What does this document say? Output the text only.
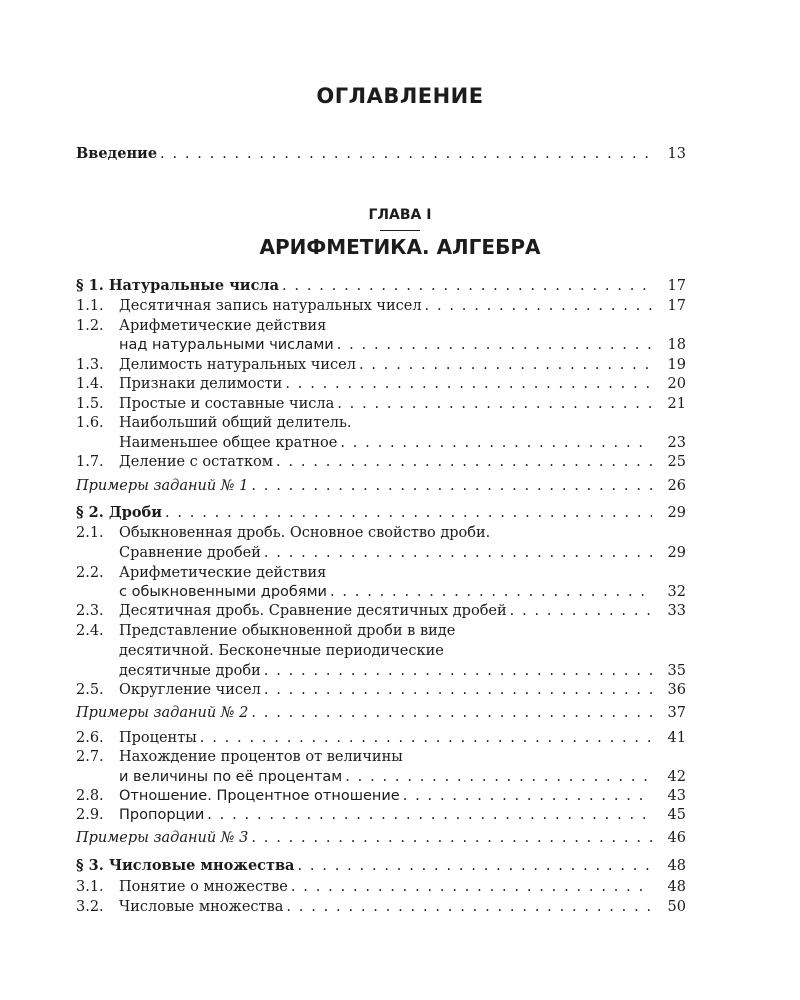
ОГЛАВЛЕНИЕ
Введение . . .	13
ГЛАВА I
АРИФМЕТИКА. АЛГЕБРА
§ 1. Натуральные числа . . .	17
1.1.	Десятичная запись натуральных чисел . . .	17
1.2.	Арифметические действия
над натуральными числами . . .	18
1.3.	Делимость натуральных чисел . . .	19
1.4.	Признаки делимости . . .	20
1.5.	Простые и составные числа . . .	21
1.6.	Наибольший общий делитель.
Наименьшее общее кратное . . .	23
1.7.	Деление с остатком . . .	25
Примеры заданий № 1 . . .	26
§ 2. Дроби . . .	29
2.1.	Обыкновенная дробь. Основное свойство дроби.
Сравнение дробей . . .	29
2.2.	Арифметические действия
с обыкновенными дробями . . .	32
2.3.	Десятичная дробь. Сравнение десятичных дробей . . .	33
2.4.	Представление обыкновенной дроби в виде
десятичной. Бесконечные периодические
десятичные дроби . . .	35
2.5.	Округление чисел . . .	36
Примеры заданий № 2 . . .	37
2.6.	Проценты . . .	41
2.7.	Нахождение процентов от величины
и величины по её процентам . . .	42
2.8.	Отношение. Процентное отношение . . .	43
2.9.	Пропорции . . .	45
Примеры заданий № 3 . . .	46
§ 3. Числовые множества . . .	48
3.1.	Понятие о множестве . . .	48
3.2.	Числовые множества . . .	50
